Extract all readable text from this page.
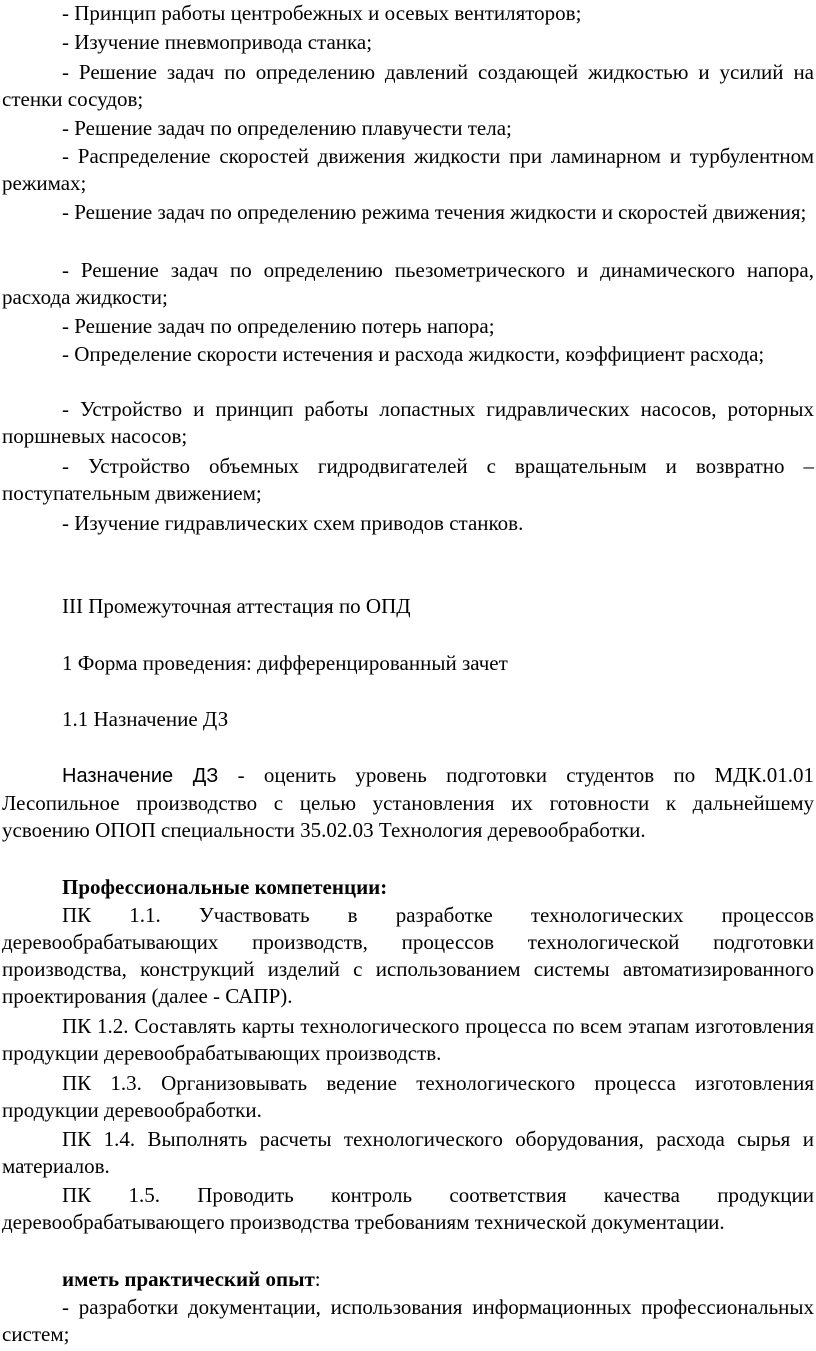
- Принцип работы центробежных и осевых вентиляторов;

- Изучение пневмопривода станка;

- Решение задач по определению давлений создающей жидкостью и усилий на стенки сосудов;

- Решение задач по определению плавучести тела;

- Распределение скоростей движения жидкости при ламинарном и турбулентном режимах;

- Решение задач по определению режима течения жидкости и скоростей движения;

- Решение задач по определению пьезометрического и динамического напора, расхода жидкости;

- Решение задач по определению потерь напора;

- Определение скорости истечения и расхода жидкости, коэффициент расхода;

- Устройство и принцип работы лопастных гидравлических насосов, роторных поршневых насосов;

- Устройство объемных гидродвигателей с вращательным и возвратно – поступательным движением;

- Изучение гидравлических схем приводов станков.

III Промежуточная аттестация по ОПД

1 Форма проведения: дифференцированный зачет

1.1 Назначение ДЗ

Назначение ДЗ - оценить уровень подготовки студентов по МДК.01.01 Лесопильное производство с целью установления их готовности к дальнейшему усвоению ОПОП специальности 35.02.03 Технология деревообработки.

Профессиональные компетенции:

ПК 1.1. Участвовать в разработке технологических процессов деревообрабатывающих производств, процессов технологической подготовки производства, конструкций изделий с использованием системы автоматизированного проектирования (далее - САПР).

ПК 1.2. Составлять карты технологического процесса по всем этапам изготовления продукции деревообрабатывающих производств.

ПК 1.3. Организовывать ведение технологического процесса изготовления продукции деревообработки.

ПК 1.4. Выполнять расчеты технологического оборудования, расхода сырья и материалов.

ПК 1.5. Проводить контроль соответствия качества продукции деревообрабатывающего производства требованиям технической документации.

иметь практический опыт:

- разработки документации, использования информационных профессиональных систем;
